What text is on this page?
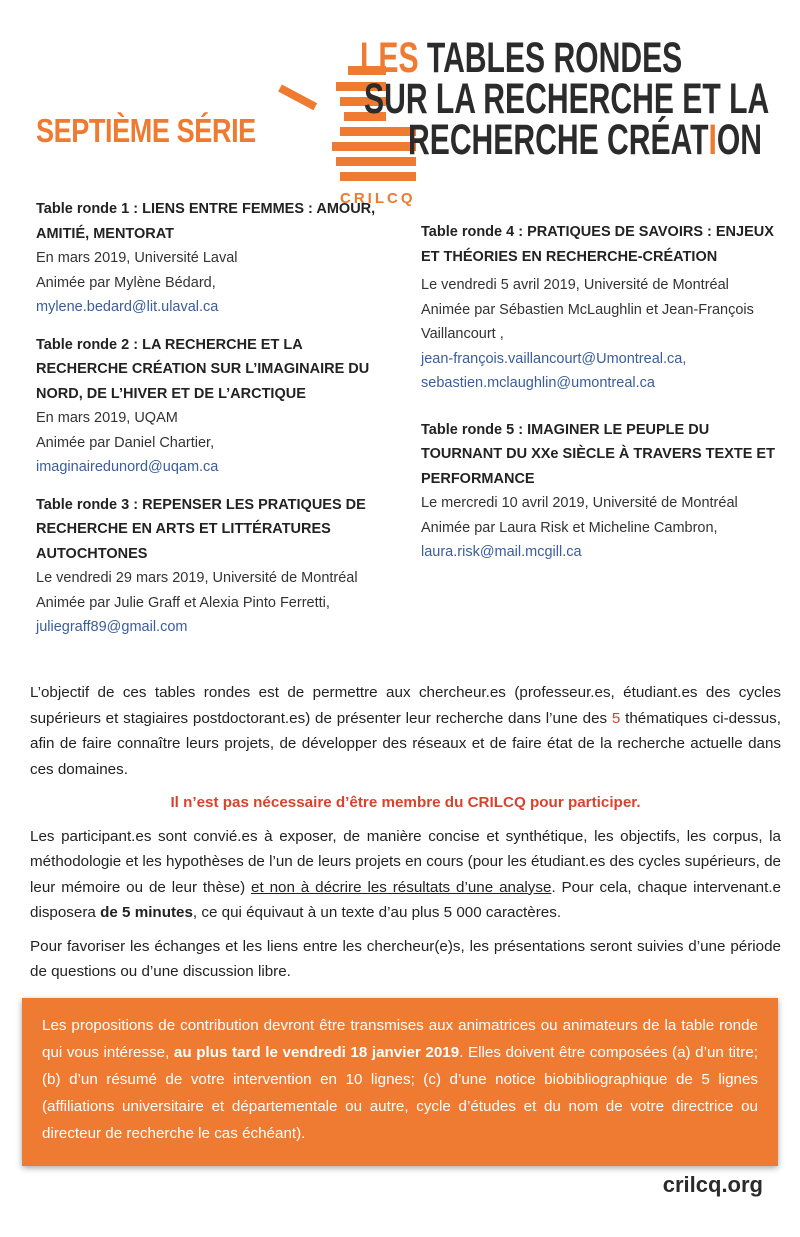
SEPTIÈME SÉRIE
CRILCQ
LES TABLES RONDES
SUR LA RECHERCHE ET LA
RECHERCHE CRÉATION
Table ronde 1 : LIENS ENTRE FEMMES : AMOUR, AMITIÉ, MENTORAT
En mars 2019, Université Laval
Animée par Mylène Bédard,
mylene.bedard@lit.ulaval.ca
Table ronde 2 : LA RECHERCHE ET LA RECHERCHE CRÉATION SUR L’IMAGINAIRE DU NORD, DE L’HIVER ET DE L’ARCTIQUE
En mars 2019, UQAM
Animée par Daniel Chartier,
imaginairedunord@uqam.ca
Table ronde 3 : REPENSER LES PRATIQUES DE RECHERCHE EN ARTS ET LITTÉRATURES AUTOCHTONES
Le vendredi 29 mars 2019, Université de Montréal
Animée par Julie Graff et Alexia Pinto Ferretti,
juliegraff89@gmail.com
Table ronde 4 : PRATIQUES DE SAVOIRS : ENJEUX ET THÉORIES EN RECHERCHE-CRÉATION
Le vendredi 5 avril 2019, Université de Montréal
Animée par Sébastien McLaughlin et Jean-François Vaillancourt ,
jean-françois.vaillancourt@Umontreal.ca,
sebastien.mclaughlin@umontreal.ca
Table ronde 5 : IMAGINER LE PEUPLE DU TOURNANT DU XXe SIÈCLE À TRAVERS TEXTE ET PERFORMANCE
Le mercredi 10 avril 2019, Université de Montréal
Animée par Laura Risk et Micheline Cambron,
laura.risk@mail.mcgill.ca

L’objectif de ces tables rondes est de permettre aux chercheur.es (professeur.es, étudiant.es des cycles supérieurs et stagiaires postdoctorant.es) de présenter leur recherche dans l’une des 5 thématiques ci-dessus, afin de faire connaître leurs projets, de développer des réseaux et de faire état de la recherche actuelle dans ces domaines.

Il n’est pas nécessaire d’être membre du CRILCQ pour participer.

Les participant.es sont convié.es à exposer, de manière concise et synthétique, les objectifs, les corpus, la méthodologie et les hypothèses de l’un de leurs projets en cours (pour les étudiant.es des cycles supérieurs, de leur mémoire ou de leur thèse) et non à décrire les résultats d’une analyse. Pour cela, chaque intervenant.e disposera de 5 minutes, ce qui équivaut à un texte d’au plus 5 000 caractères.

Pour favoriser les échanges et les liens entre les chercheur(e)s, les présentations seront suivies d’une période de questions ou d’une discussion libre.

Les propositions de contribution devront être transmises aux animatrices ou animateurs de la table ronde qui vous intéresse, au plus tard le vendredi 18 janvier 2019. Elles doivent être composées (a) d’un titre; (b) d’un résumé de votre intervention en 10 lignes; (c) d’une notice biobibliographique de 5 lignes (affiliations universitaire et départementale ou autre, cycle d’études et du nom de votre directrice ou directeur de recherche le cas échéant).
crilcq.org
